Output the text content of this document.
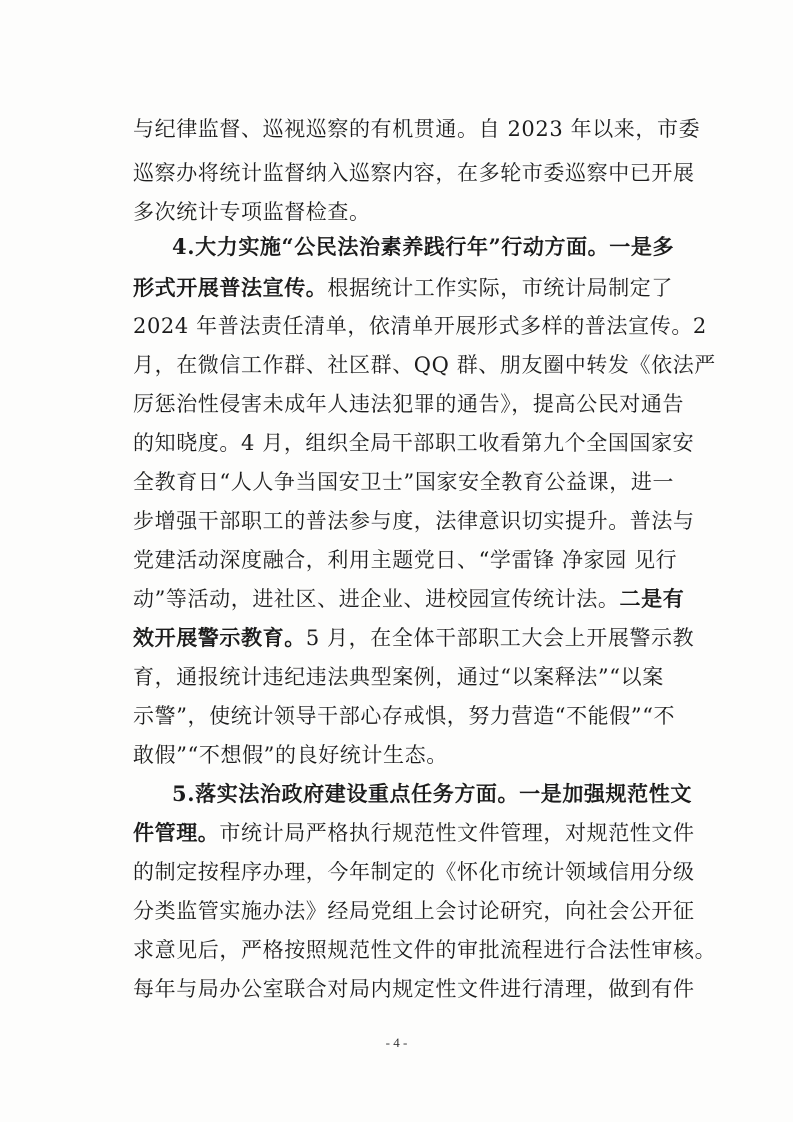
与纪律监督、巡视巡察的有机贯通。自 2023 年以来，市委
巡察办将统计监督纳入巡察内容，在多轮市委巡察中已开展
多次统计专项监督检查。
4.大力实施“公民法治素养践行年”行动方面。一是多
形式开展普法宣传。根据统计工作实际，市统计局制定了
2024 年普法责任清单，依清单开展形式多样的普法宣传。2
月，在微信工作群、社区群、QQ 群、朋友圈中转发《依法严
厉惩治性侵害未成年人违法犯罪的通告》，提高公民对通告
的知晓度。4 月，组织全局干部职工收看第九个全国国家安
全教育日“人人争当国安卫士”国家安全教育公益课，进一
步增强干部职工的普法参与度，法律意识切实提升。普法与
党建活动深度融合，利用主题党日、“学雷锋 净家园 见行
动”等活动，进社区、进企业、进校园宣传统计法。二是有
效开展警示教育。5 月，在全体干部职工大会上开展警示教
育，通报统计违纪违法典型案例，通过“以案释法”“以案
示警”，使统计领导干部心存戒惧，努力营造“不能假”“不
敢假”“不想假”的良好统计生态。
5.落实法治政府建设重点任务方面。一是加强规范性文
件管理。市统计局严格执行规范性文件管理，对规范性文件
的制定按程序办理，今年制定的《怀化市统计领域信用分级
分类监管实施办法》经局党组上会讨论研究，向社会公开征
求意见后，严格按照规范性文件的审批流程进行合法性审核。
每年与局办公室联合对局内规定性文件进行清理，做到有件
- 4 -
